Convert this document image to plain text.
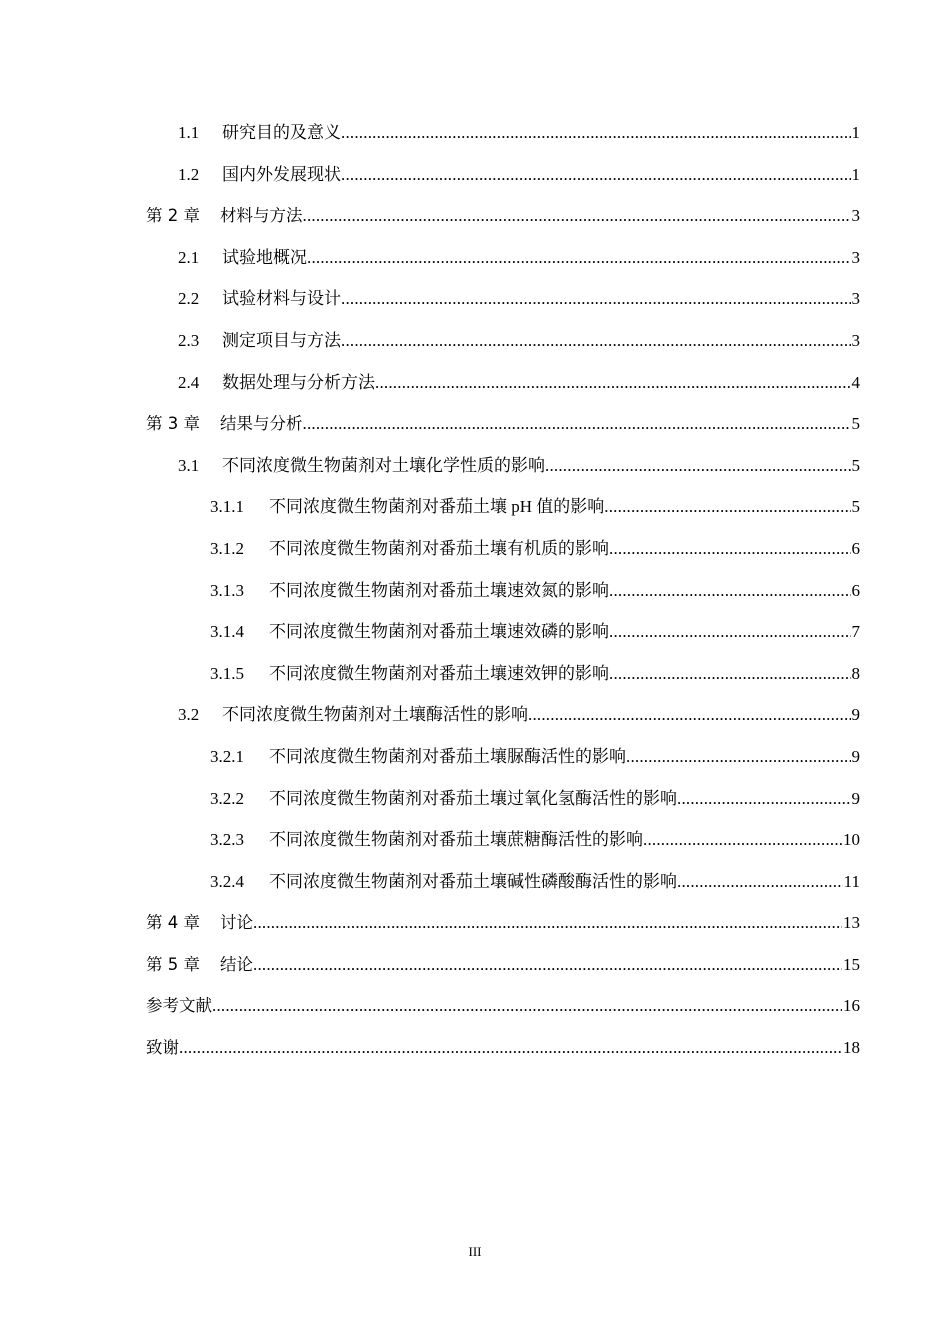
1.1	研究目的及意义 .....	1
1.2	国内外发展现状 .....	1
第 2 章	材料与方法 .....	3
2.1	试验地概况 .....	3
2.2	试验材料与设计 .....	3
2.3	测定项目与方法 .....	3
2.4	数据处理与分析方法 .....	4
第 3 章	结果与分析 .....	5
3.1	不同浓度微生物菌剂对土壤化学性质的影响 .....	5
3.1.1	不同浓度微生物菌剂对番茄土壤 pH 值的影响 .....	5
3.1.2	不同浓度微生物菌剂对番茄土壤有机质的影响 .....	6
3.1.3	不同浓度微生物菌剂对番茄土壤速效氮的影响 .....	6
3.1.4	不同浓度微生物菌剂对番茄土壤速效磷的影响 .....	7
3.1.5	不同浓度微生物菌剂对番茄土壤速效钾的影响 .....	8
3.2	不同浓度微生物菌剂对土壤酶活性的影响 .....	9
3.2.1	不同浓度微生物菌剂对番茄土壤脲酶活性的影响 .....	9
3.2.2	不同浓度微生物菌剂对番茄土壤过氧化氢酶活性的影响 .....	9
3.2.3	不同浓度微生物菌剂对番茄土壤蔗糖酶活性的影响 .....	10
3.2.4	不同浓度微生物菌剂对番茄土壤碱性磷酸酶活性的影响 .....	11
第 4 章	讨论 .....	13
第 5 章	结论 .....	15
参考文献 .....	16
致谢 .....	18
III
